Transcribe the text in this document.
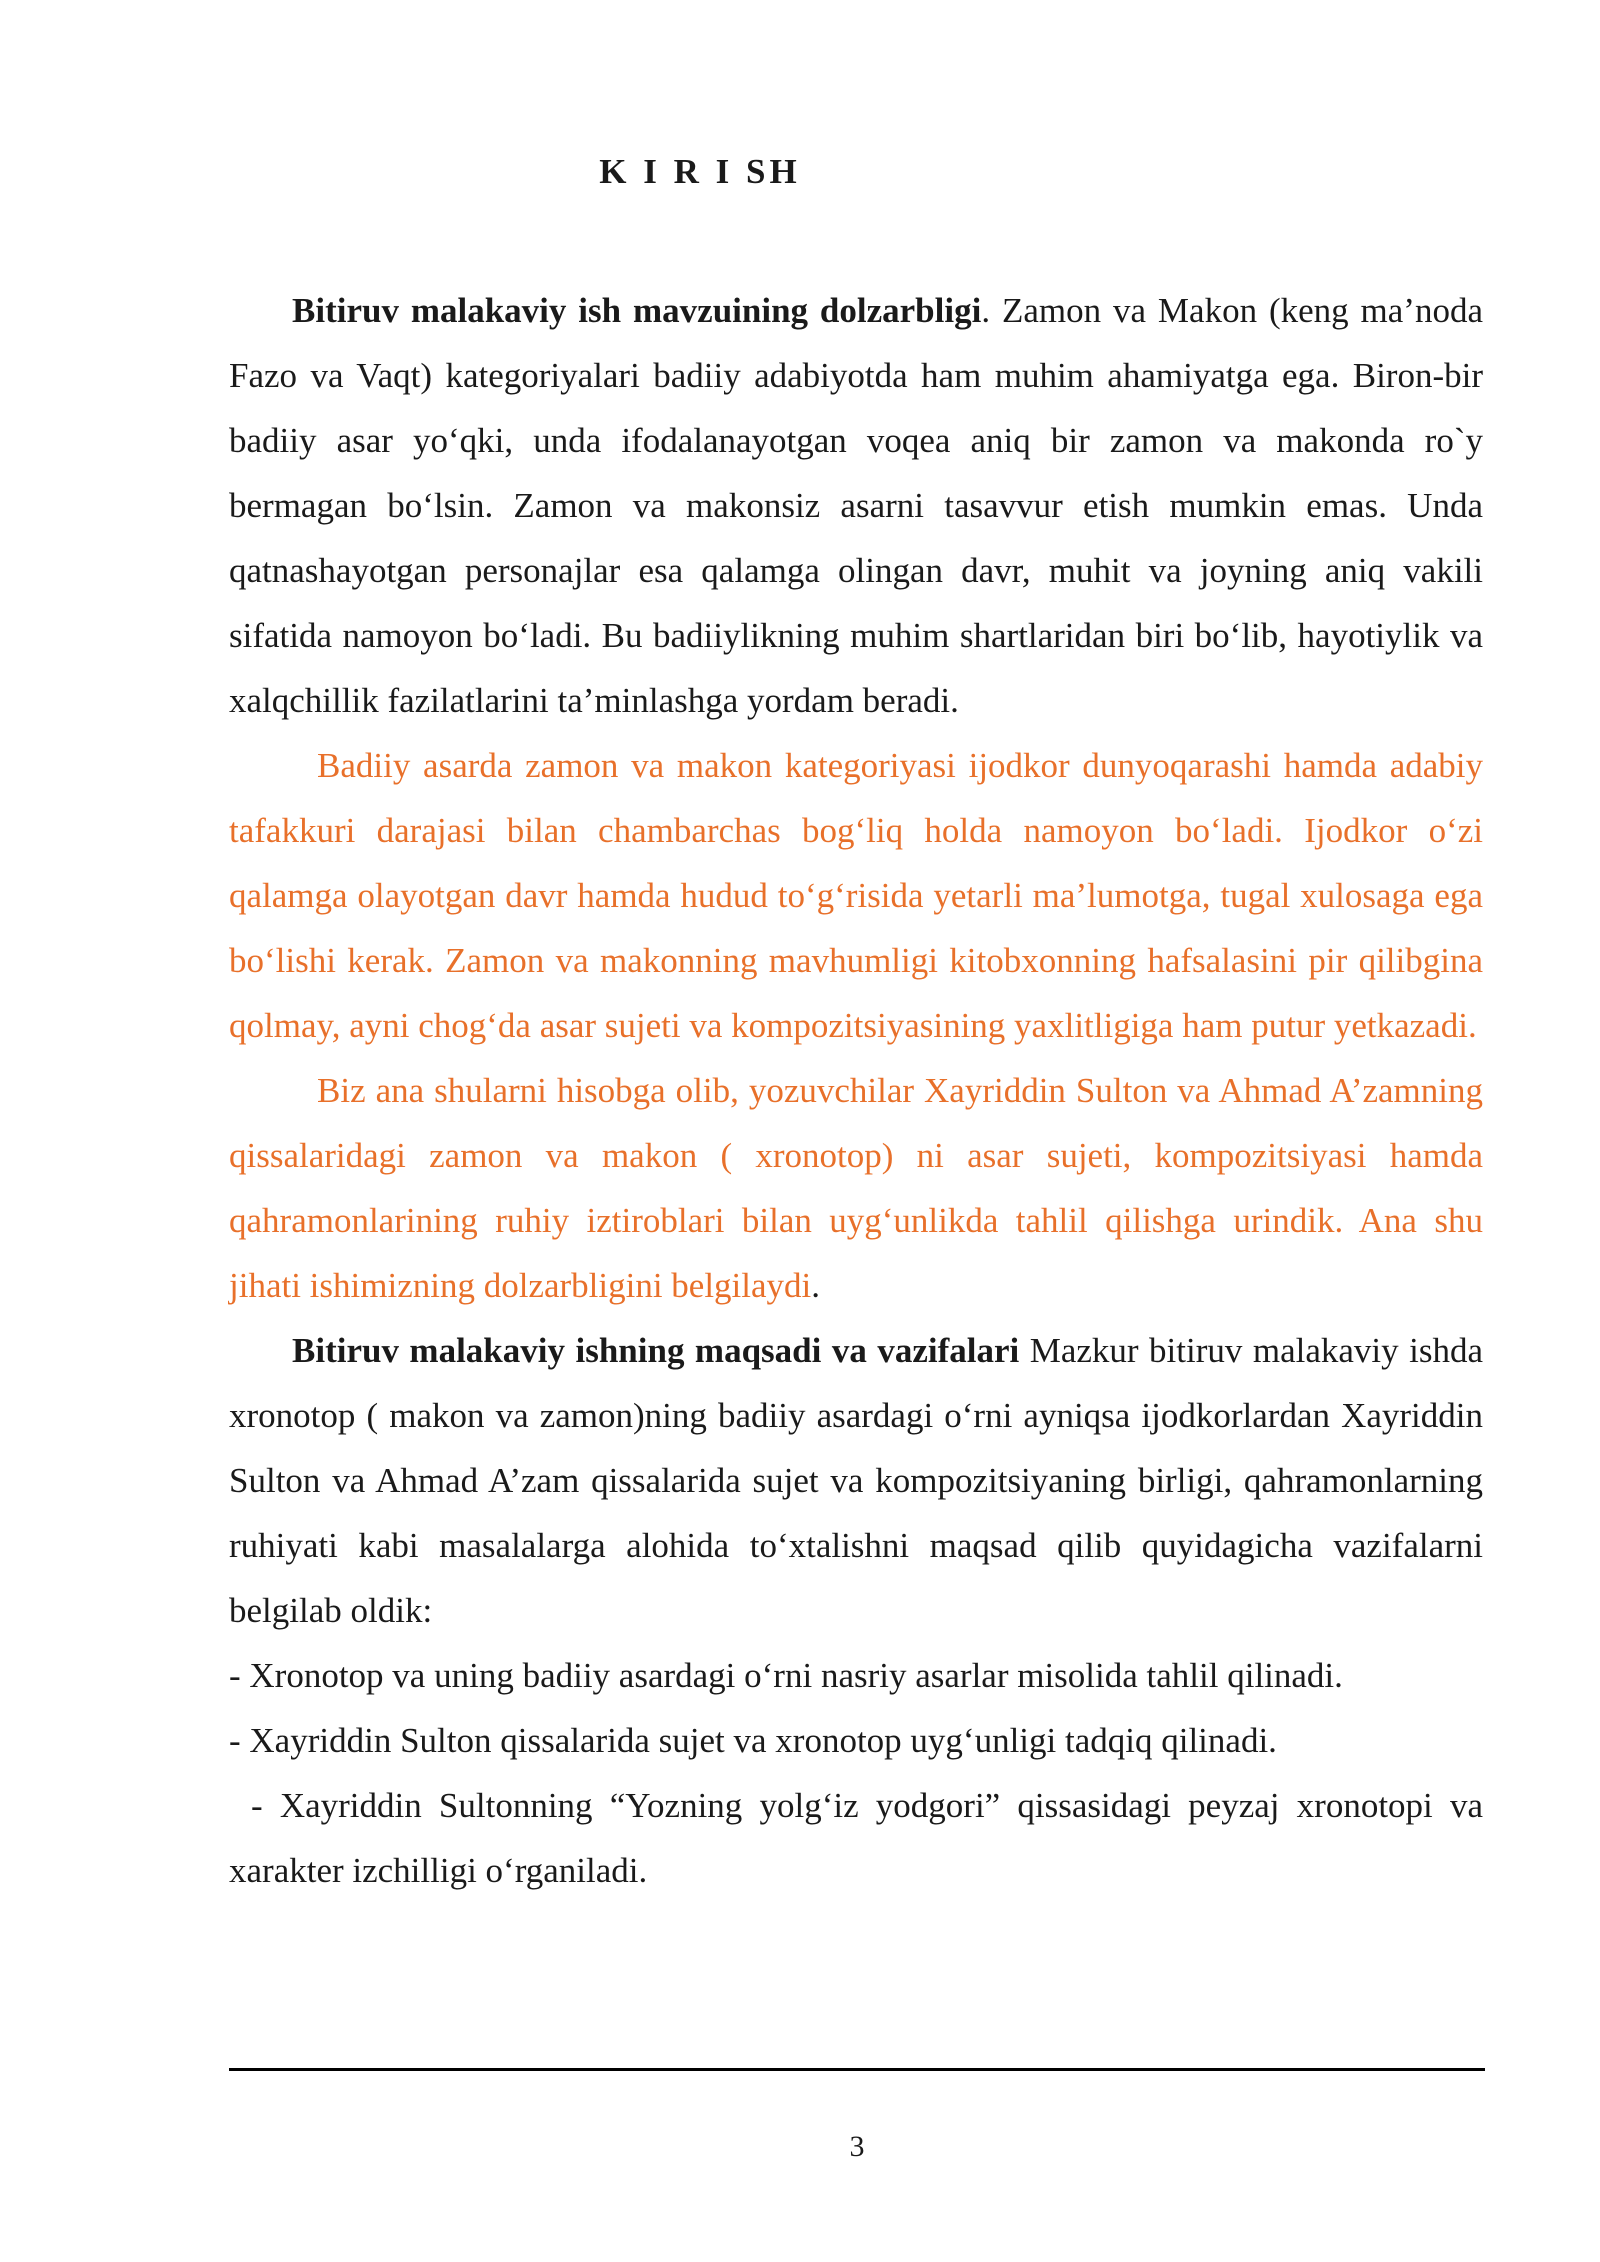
K I R I SH

Bitiruv malakaviy ish mavzuining dolzarbligi. Zamon va Makon (keng ma’noda Fazo va Vaqt) kategoriyalari badiiy adabiyotda ham muhim ahamiyatga ega. Biron-bir badiiy asar yo‘qki, unda ifodalanayotgan voqea aniq bir zamon va makonda ro`y bermagan bo‘lsin. Zamon va makonsiz asarni tasavvur etish mumkin emas. Unda qatnashayotgan personajlar esa qalamga olingan davr, muhit va joyning aniq vakili sifatida namoyon bo‘ladi. Bu badiiylikning muhim shartlaridan biri bo‘lib, hayotiylik va xalqchillik fazilatlarini ta’minlashga yordam beradi.

Badiiy asarda zamon va makon kategoriyasi ijodkor dunyoqarashi hamda adabiy tafakkuri darajasi bilan chambarchas bog‘liq holda namoyon bo‘ladi. Ijodkor o‘zi qalamga olayotgan davr hamda hudud to‘g‘risida yetarli ma’lumotga, tugal xulosaga ega bo‘lishi kerak. Zamon va makonning mavhumligi kitobxonning hafsalasini pir qilibgina qolmay, ayni chog‘da asar sujeti va kompozitsiyasining yaxlitligiga ham putur yetkazadi.

Biz ana shularni hisobga olib, yozuvchilar Xayriddin Sulton va Ahmad A’zamning qissalaridagi zamon va makon ( xronotop) ni asar sujeti, kompozitsiyasi hamda qahramonlarining ruhiy iztiroblari bilan uyg‘unlikda tahlil qilishga urindik. Ana shu jihati ishimizning dolzarbligini belgilaydi.

Bitiruv malakaviy ishning maqsadi va vazifalari Mazkur bitiruv malakaviy ishda xronotop ( makon va zamon)ning badiiy asardagi o‘rni ayniqsa ijodkorlardan Xayriddin Sulton va Ahmad A’zam qissalarida sujet va kompozitsiyaning birligi, qahramonlarning ruhiyati kabi masalalarga alohida to‘xtalishni maqsad qilib quyidagicha vazifalarni belgilab oldik:

- Xronotop va uning badiiy asardagi o‘rni nasriy asarlar misolida tahlil qilinadi.

- Xayriddin Sulton qissalarida sujet va xronotop uyg‘unligi tadqiq qilinadi.

- Xayriddin Sultonning “Yozning yolg‘iz yodgori” qissasidagi peyzaj xronotopi va xarakter izchilligi o‘rganiladi.

3
